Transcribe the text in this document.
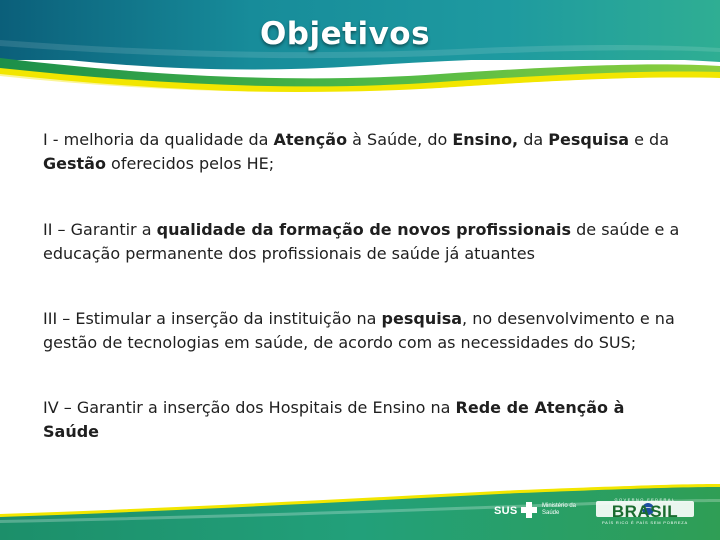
Objetivos
I - melhoria da qualidade da Atenção à Saúde, do Ensino, da Pesquisa e da
Gestão oferecidos pelos HE;
II – Garantir a qualidade da formação de novos profissionais de saúde e a educação permanente dos profissionais de saúde já atuantes
III – Estimular a inserção da instituição na pesquisa, no desenvolvimento e na gestão de tecnologias em saúde, de acordo com as necessidades do SUS;
IV – Garantir a inserção dos Hospitais de Ensino na Rede de Atenção à Saúde
SUS	Ministério da Saúde
GOVERNO FEDERAL
BRASIL
PAÍS RICO É PAÍS SEM POBREZA
